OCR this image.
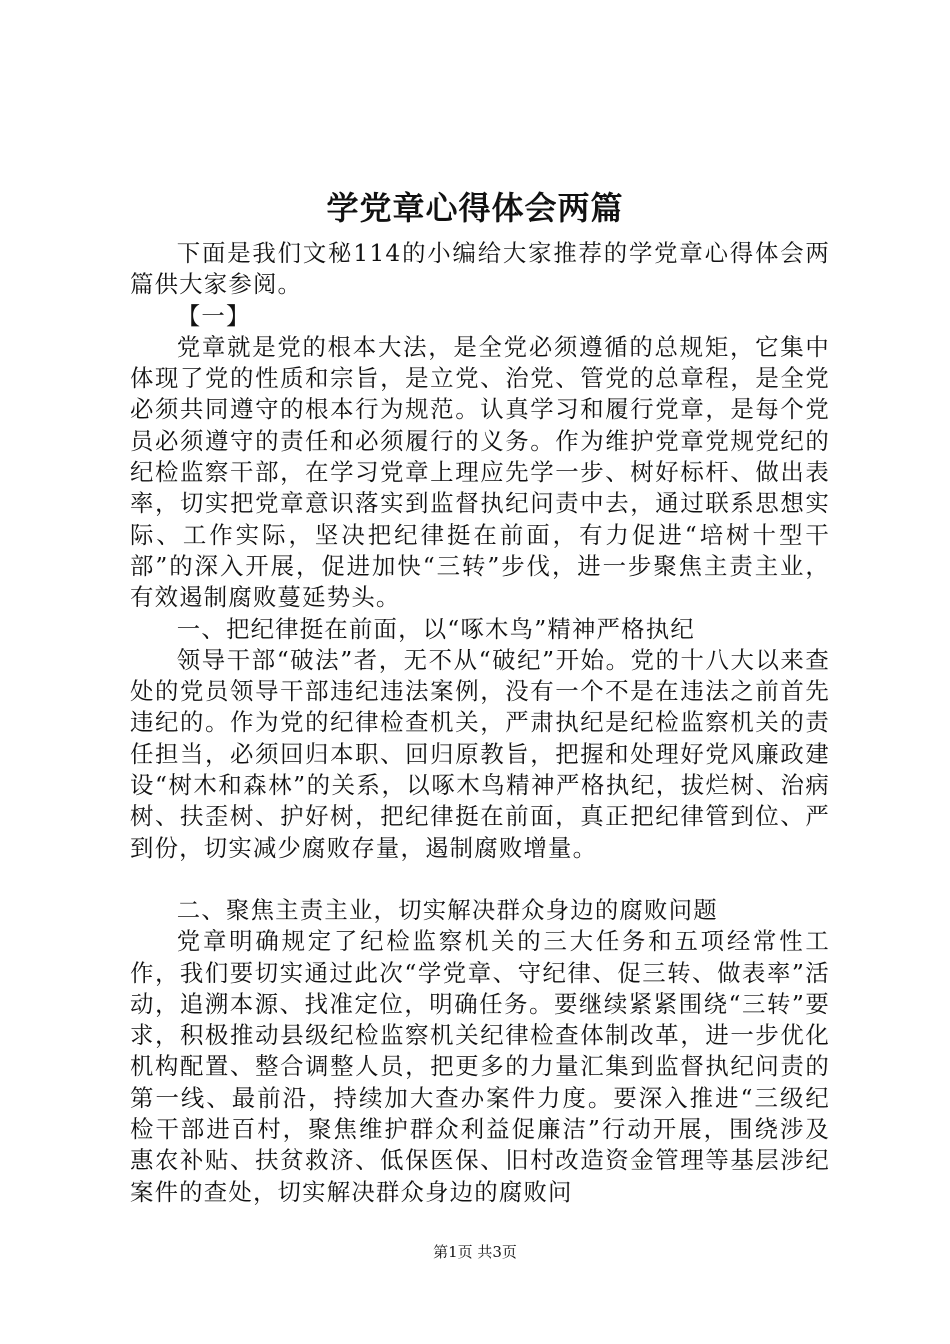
学党章心得体会两篇

下面是我们文秘114的小编给大家推荐的学党章心得体会两篇供大家参阅。

【一】

党章就是党的根本大法，是全党必须遵循的总规矩，它集中体现了党的性质和宗旨，是立党、治党、管党的总章程，是全党必须共同遵守的根本行为规范。认真学习和履行党章，是每个党员必须遵守的责任和必须履行的义务。作为维护党章党规党纪的纪检监察干部，在学习党章上理应先学一步、树好标杆、做出表率，切实把党章意识落实到监督执纪问责中去，通过联系思想实际、工作实际，坚决把纪律挺在前面，有力促进“培树十型干部”的深入开展，促进加快“三转”步伐，进一步聚焦主责主业，有效遏制腐败蔓延势头。

一、把纪律挺在前面，以“啄木鸟”精神严格执纪

领导干部“破法”者，无不从“破纪”开始。党的十八大以来查处的党员领导干部违纪违法案例，没有一个不是在违法之前首先违纪的。作为党的纪律检查机关，严肃执纪是纪检监察机关的责任担当，必须回归本职、回归原教旨，把握和处理好党风廉政建设“树木和森林”的关系，以啄木鸟精神严格执纪，拔烂树、治病树、扶歪树、护好树，把纪律挺在前面，真正把纪律管到位、严到份，切实减少腐败存量，遏制腐败增量。

二、聚焦主责主业，切实解决群众身边的腐败问题

党章明确规定了纪检监察机关的三大任务和五项经常性工作，我们要切实通过此次“学党章、守纪律、促三转、做表率”活动，追溯本源、找准定位，明确任务。要继续紧紧围绕“三转”要求，积极推动县级纪检监察机关纪律检查体制改革，进一步优化机构配置、整合调整人员，把更多的力量汇集到监督执纪问责的第一线、最前沿，持续加大查办案件力度。要深入推进“三级纪检干部进百村，聚焦维护群众利益促廉洁”行动开展，围绕涉及惠农补贴、扶贫救济、低保医保、旧村改造资金管理等基层涉纪案件的查处，切实解决群众身边的腐败问

第1页 共3页
